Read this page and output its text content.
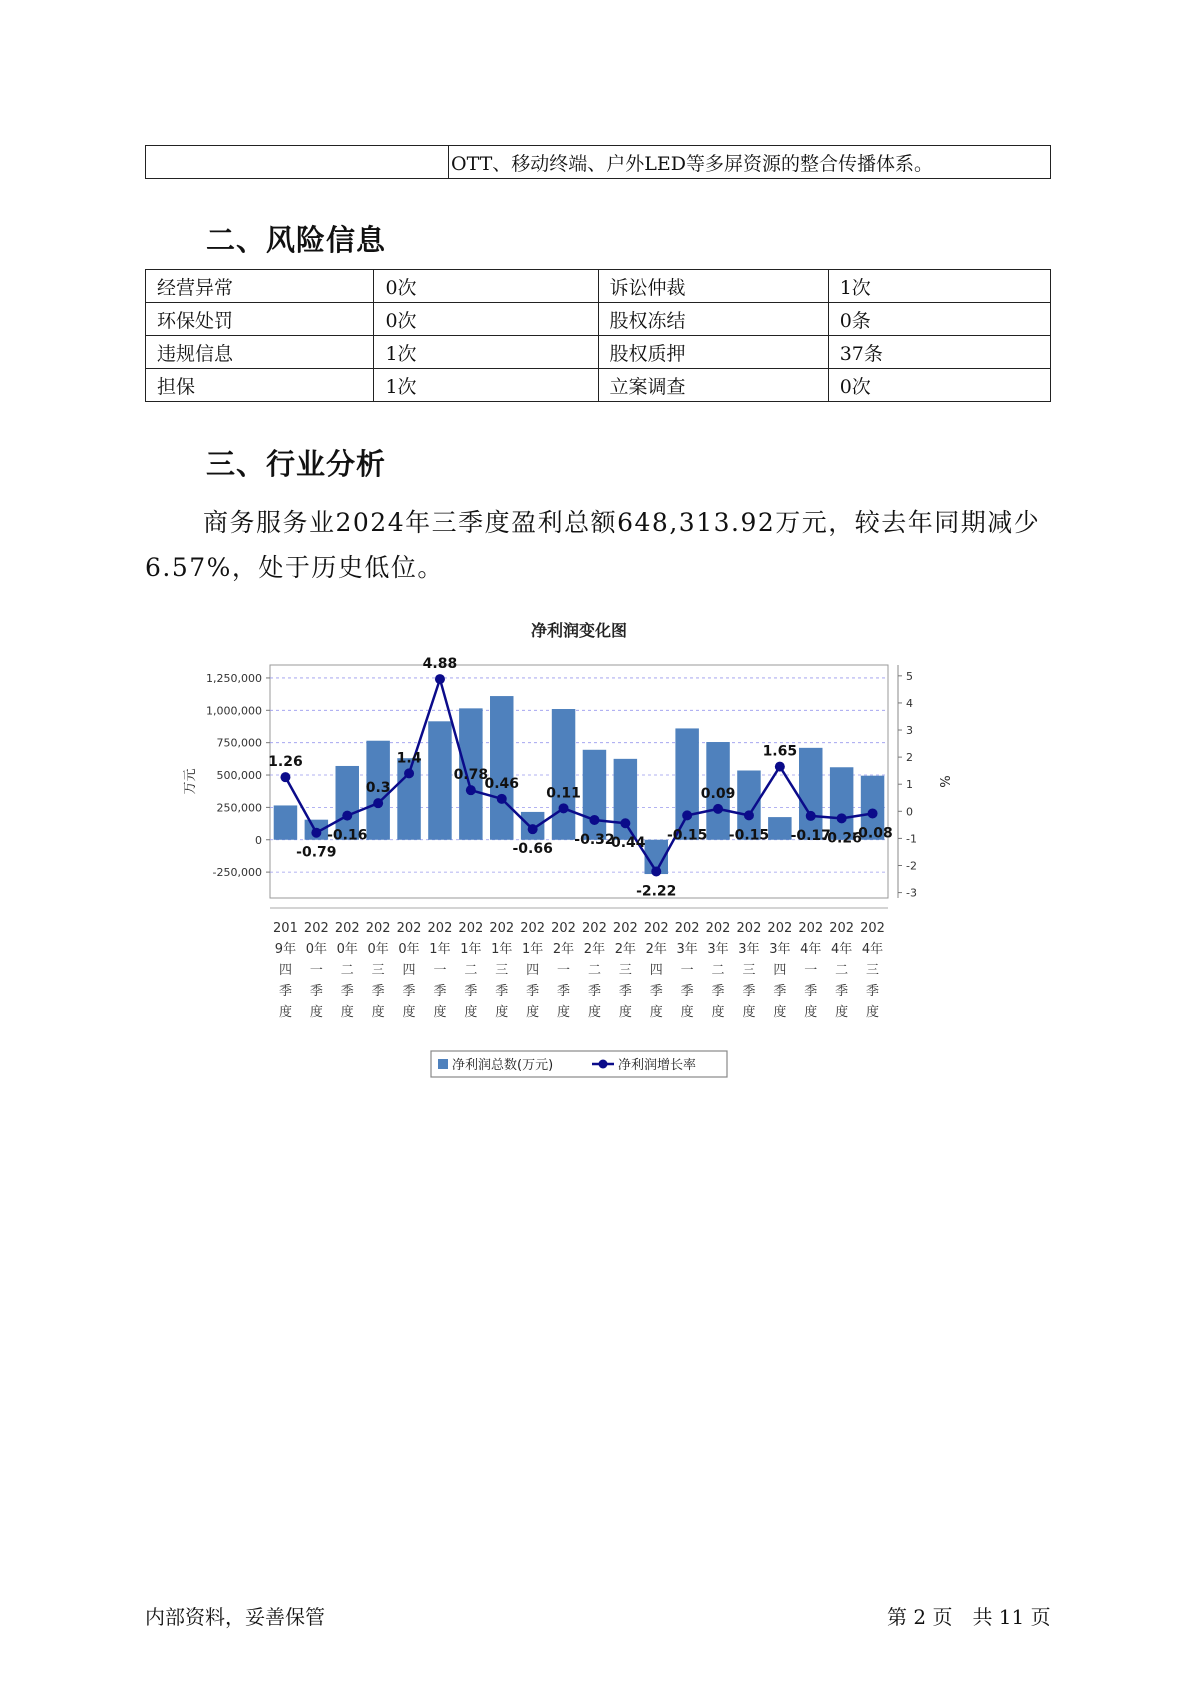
	OTT、移动终端、户外LED等多屏资源的整合传播体系。
二、风险信息
经营异常	0次	诉讼仲裁	1次
环保处罚	0次	股权冻结	0条
违规信息	1次	股权质押	37条
担保	1次	立案调查	0次
三、行业分析
商务服务业2024年三季度盈利总额648,313.92万元，较去年同期减少
6.57%，处于历史低位。
净利润变化图
-250,000
0
250,000
500,000
750,000
1,000,000
1,250,000
-3
-2
-1
0
1
2
3
4
5
万元	%
201
9年
四
季
度
202
0年
一
季
度
202
0年
二
季
度
202
0年
三
季
度
202
0年
四
季
度
202
1年
一
季
度
202
1年
二
季
度
202
1年
三
季
度
202
1年
四
季
度
202
2年
一
季
度
202
2年
二
季
度
202
2年
三
季
度
202
2年
四
季
度
202
3年
一
季
度
202
3年
二
季
度
202
3年
三
季
度
202
3年
四
季
度
202
4年
一
季
度
202
4年
二
季
度
202
4年
三
季
度
1.26
-0.79
-0.16
0.3
1.4
4.88
0.78
0.46
-0.66
0.11
-0.32
-0.44
-2.22
-0.15
0.09
-0.15
1.65
-0.17
-0.26
-0.08
净利润总数(万元)	净利润增长率
内部资料，妥善保管	第 2 页　共 11 页
